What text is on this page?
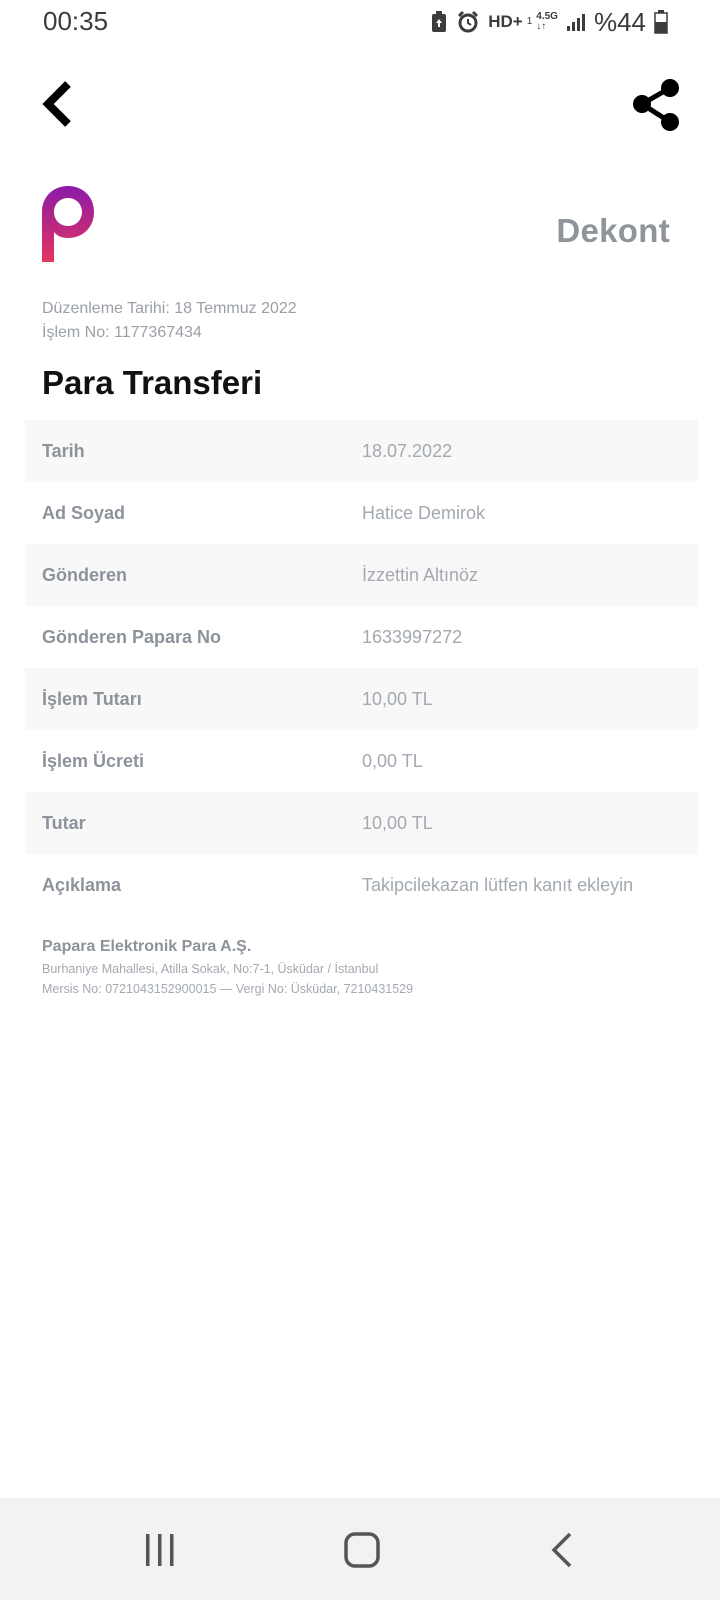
00:35	HD+ 1 4.5G
↓↑	%44
Dekont
Düzenleme Tarihi: 18 Temmuz 2022
İşlem No: 1177367434
Para Transferi
Tarih	18.07.2022
Ad Soyad	Hatice Demirok
Gönderen	İzzettin Altınöz
Gönderen Papara No	1633997272
İşlem Tutarı	10,00 TL
İşlem Ücreti	0,00 TL
Tutar	10,00 TL
Açıklama	Takipcilekazan lütfen kanıt ekleyin
Papara Elektronik Para A.Ş.
Burhaniye Mahallesi, Atilla Sokak, No:7-1, Üsküdar / İstanbul
Mersis No: 0721043152900015 — Vergi No: Üsküdar, 7210431529
